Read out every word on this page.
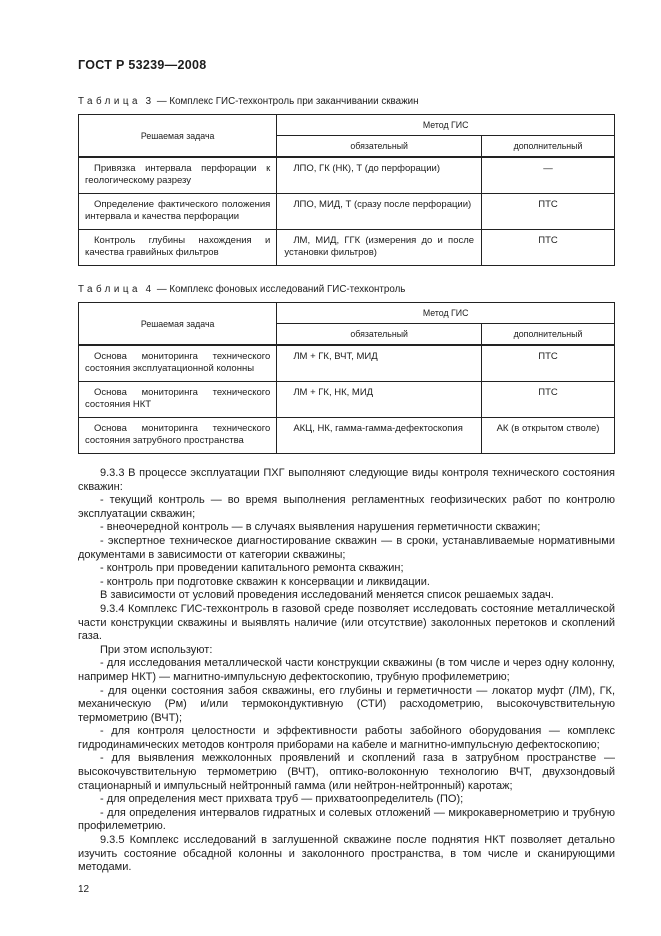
ГОСТ Р 53239—2008
Таблица 3 — Комплекс ГИС-техконтроль при заканчивании скважин
Решаемая задача	Метод ГИС	
	обязательный	дополнительный
Привязка интервала перфорации к геологическому разрезу	ЛПО, ГК (НК), Т (до перфорации)	—
Определение фактического положения интервала и качества перфорации	ЛПО, МИД, Т (сразу после перфорации)	ПТС
Контроль глубины нахождения и качества гравийных фильтров	ЛМ, МИД, ГГК (измерения до и после установки фильтров)	ПТС
Таблица 4 — Комплекс фоновых исследований ГИС-техконтроль
Решаемая задача	Метод ГИС	
	обязательный	дополнительный
Основа мониторинга технического состояния эксплуатационной колонны	ЛМ + ГК, ВЧТ, МИД	ПТС
Основа мониторинга технического состояния НКТ	ЛМ + ГК, НК, МИД	ПТС
Основа мониторинга технического состояния затрубного пространства	АКЦ, НК, гамма-гамма-дефектоскопия	АК (в открытом стволе)

9.3.3 В процессе эксплуатации ПХГ выполняют следующие виды контроля технического состояния скважин:

- текущий контроль — во время выполнения регламентных геофизических работ по контролю эксплуатации скважин;

- внеочередной контроль — в случаях выявления нарушения герметичности скважин;

- экспертное техническое диагностирование скважин — в сроки, устанавливаемые нормативными документами в зависимости от категории скважины;

- контроль при проведении капитального ремонта скважин;

- контроль при подготовке скважин к консервации и ликвидации.

В зависимости от условий проведения исследований меняется список решаемых задач.

9.3.4 Комплекс ГИС-техконтроль в газовой среде позволяет исследовать состояние металлической части конструкции скважины и выявлять наличие (или отсутствие) заколонных перетоков и скоплений газа.

При этом используют:

- для исследования металлической части конструкции скважины (в том числе и через одну колонну, например НКТ) — магнитно-импульсную дефектоскопию, трубную профилеметрию;

- для оценки состояния забоя скважины, его глубины и герметичности — локатор муфт (ЛМ), ГК, механическую (Рм) и/или термокондуктивную (СТИ) расходометрию, высокочувствительную термометрию (ВЧТ);

- для контроля целостности и эффективности работы забойного оборудования — комплекс гидродинамических методов контроля приборами на кабеле и магнитно-импульсную дефектоскопию;

- для выявления межколонных проявлений и скоплений газа в затрубном пространстве — высокочувствительную термометрию (ВЧТ), оптико-волоконную технологию ВЧТ, двухзондовый стационарный и импульсный нейтронный гамма (или нейтрон-нейтронный) каротаж;

- для определения мест прихвата труб — прихватоопределитель (ПО);

- для определения интервалов гидратных и солевых отложений — микрокавернометрию и трубную профилеметрию.

9.3.5 Комплекс исследований в заглушенной скважине после поднятия НКТ позволяет детально изучить состояние обсадной колонны и заколонного пространства, в том числе и сканирующими методами.

12
